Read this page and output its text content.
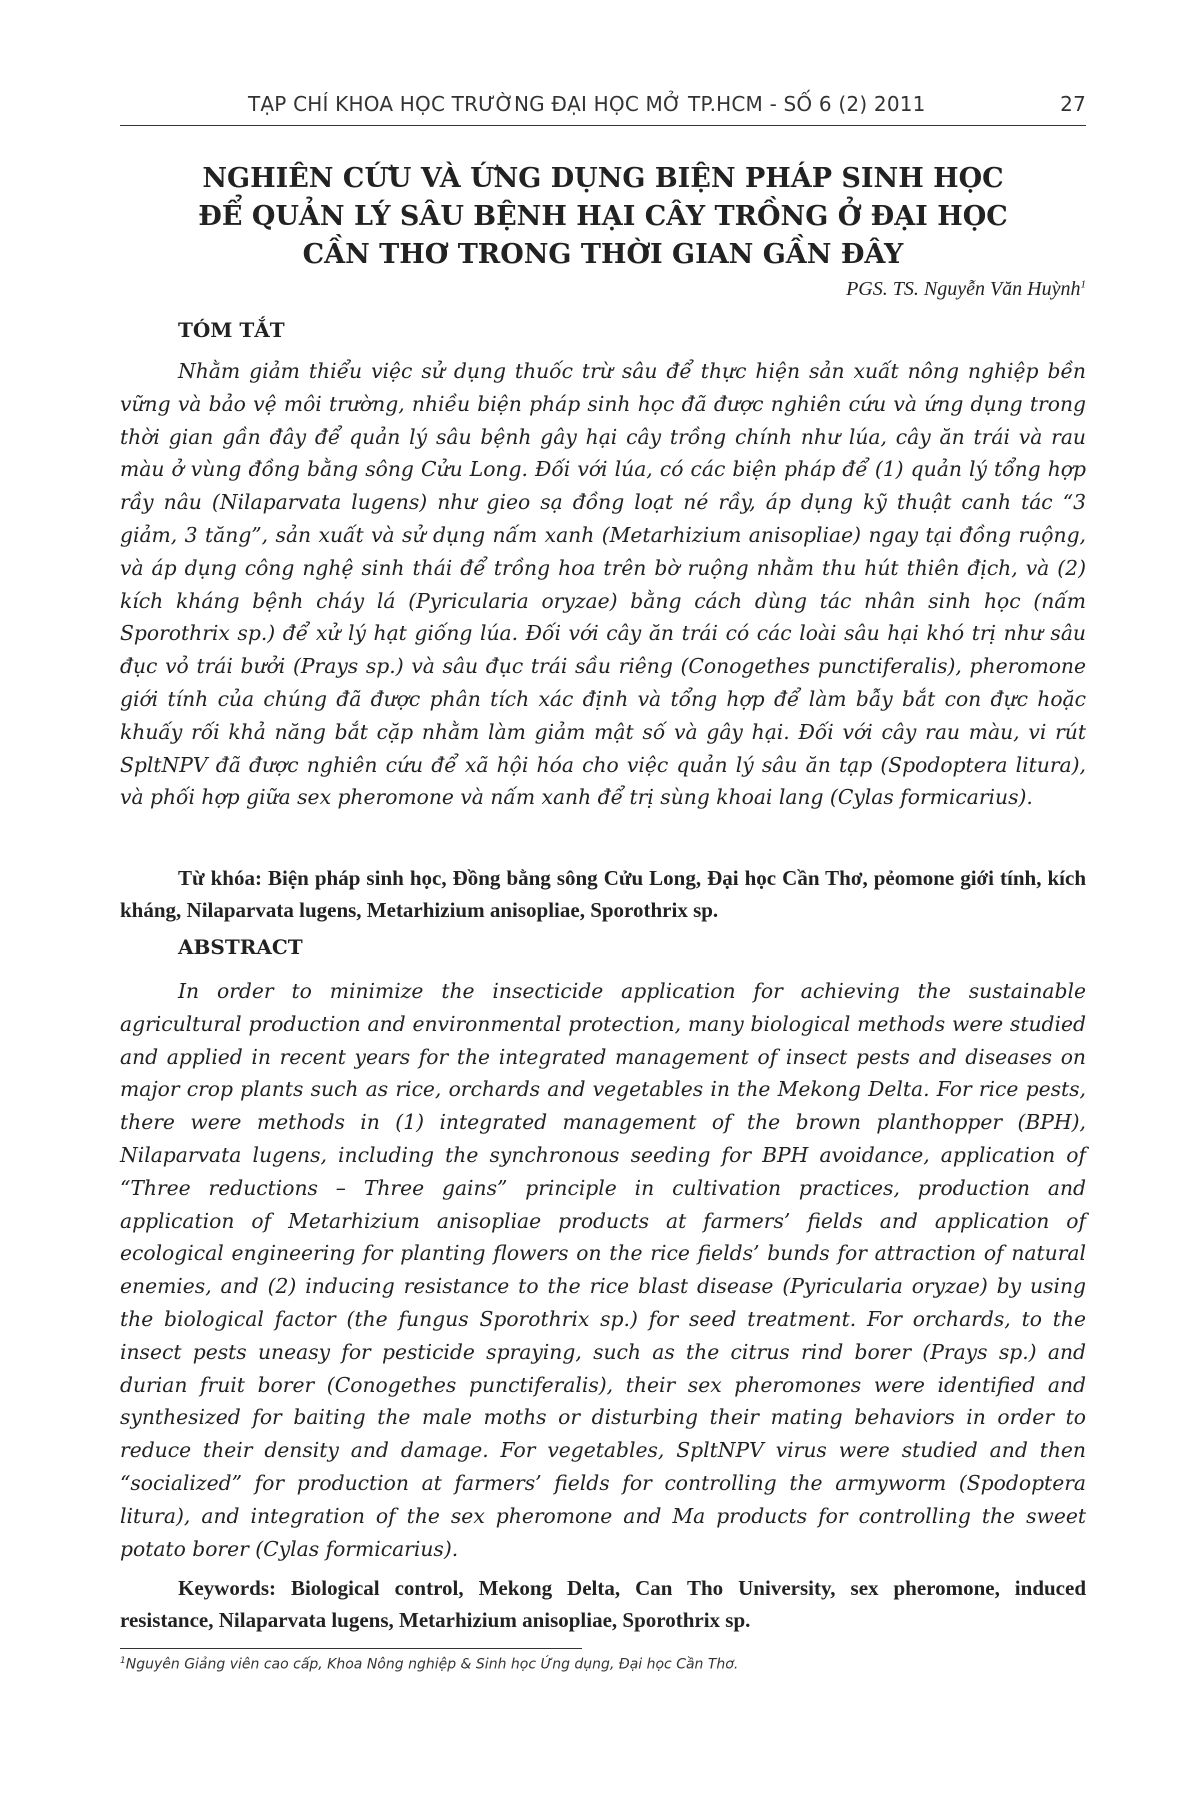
TẠP CHÍ KHOA HỌC TRƯỜNG ĐẠI HỌC MỞ TP.HCM - SỐ 6 (2) 2011	27
NGHIÊN CỨU VÀ ỨNG DỤNG BIỆN PHÁP SINH HỌC
ĐỂ QUẢN LÝ SÂU BỆNH HẠI CÂY TRỒNG Ở ĐẠI HỌC
CẦN THƠ TRONG THỜI GIAN GẦN ĐÂY
PGS. TS. Nguyễn Văn Huỳnh$^1$
TÓM TẮT
Nhằm giảm thiểu việc sử dụng thuốc trừ sâu để thực hiện sản xuất nông nghiệp bền vững và bảo vệ môi trường, nhiều biện pháp sinh học đã được nghiên cứu và ứng dụng trong thời gian gần đây để quản lý sâu bệnh gây hại cây trồng chính như lúa, cây ăn trái và rau màu ở vùng đồng bằng sông Cửu Long. Đối với lúa, có các biện pháp để (1) quản lý tổng hợp rầy nâu (Nilaparvata lugens) như gieo sạ đồng loạt né rầy, áp dụng kỹ thuật canh tác “3 giảm, 3 tăng”, sản xuất và sử dụng nấm xanh (Metarhizium anisopliae) ngay tại đồng ruộng, và áp dụng công nghệ sinh thái để trồng hoa trên bờ ruộng nhằm thu hút thiên địch, và (2) kích kháng bệnh cháy lá (Pyricularia oryzae) bằng cách dùng tác nhân sinh học (nấm Sporothrix sp.) để xử lý hạt giống lúa. Đối với cây ăn trái có các loài sâu hại khó trị như sâu đục vỏ trái bưởi (Prays sp.) và sâu đục trái sầu riêng (Conogethes punctiferalis), pheromone giới tính của chúng đã được phân tích xác định và tổng hợp để làm bẫy bắt con đực hoặc khuấy rối khả năng bắt cặp nhằm làm giảm mật số và gây hại. Đối với cây rau màu, vi rút SpltNPV đã được nghiên cứu để xã hội hóa cho việc quản lý sâu ăn tạp (Spodoptera litura), và phối hợp giữa sex pheromone và nấm xanh để trị sùng khoai lang (Cylas formicarius).
Từ khóa: Biện pháp sinh học, Đồng bằng sông Cửu Long, Đại học Cần Thơ, pẻomone giới tính, kích kháng, Nilaparvata lugens, Metarhizium anisopliae, Sporothrix sp.
ABSTRACT
In order to minimize the insecticide application for achieving the sustainable agricultural production and environmental protection, many biological methods were studied and applied in recent years for the integrated management of insect pests and diseases on major crop plants such as rice, orchards and vegetables in the Mekong Delta. For rice pests, there were methods in (1) integrated management of the brown planthopper (BPH), Nilaparvata lugens, including the synchronous seeding for BPH avoidance, application of “Three reductions – Three gains” principle in cultivation practices, production and application of Metarhizium anisopliae products at farmers’ fields and application of ecological engineering for planting flowers on the rice fields’ bunds for attraction of natural enemies, and (2) inducing resistance to the rice blast disease (Pyricularia oryzae) by using the biological factor (the fungus Sporothrix sp.) for seed treatment. For orchards, to the insect pests uneasy for pesticide spraying, such as the citrus rind borer (Prays sp.) and durian fruit borer (Conogethes punctiferalis), their sex pheromones were identified and synthesized for baiting the male moths or disturbing their mating behaviors in order to reduce their density and damage. For vegetables, SpltNPV virus were studied and then “socialized” for production at farmers’ fields for controlling the armyworm (Spodoptera litura), and integration of the sex pheromone and Ma products for controlling the sweet potato borer (Cylas formicarius).
Keywords: Biological control, Mekong Delta, Can Tho University, sex pheromone, induced resistance, Nilaparvata lugens, Metarhizium anisopliae, Sporothrix sp.
$^1$Nguyên Giảng viên cao cấp, Khoa Nông nghiệp & Sinh học Ứng dụng, Đại học Cần Thơ.
